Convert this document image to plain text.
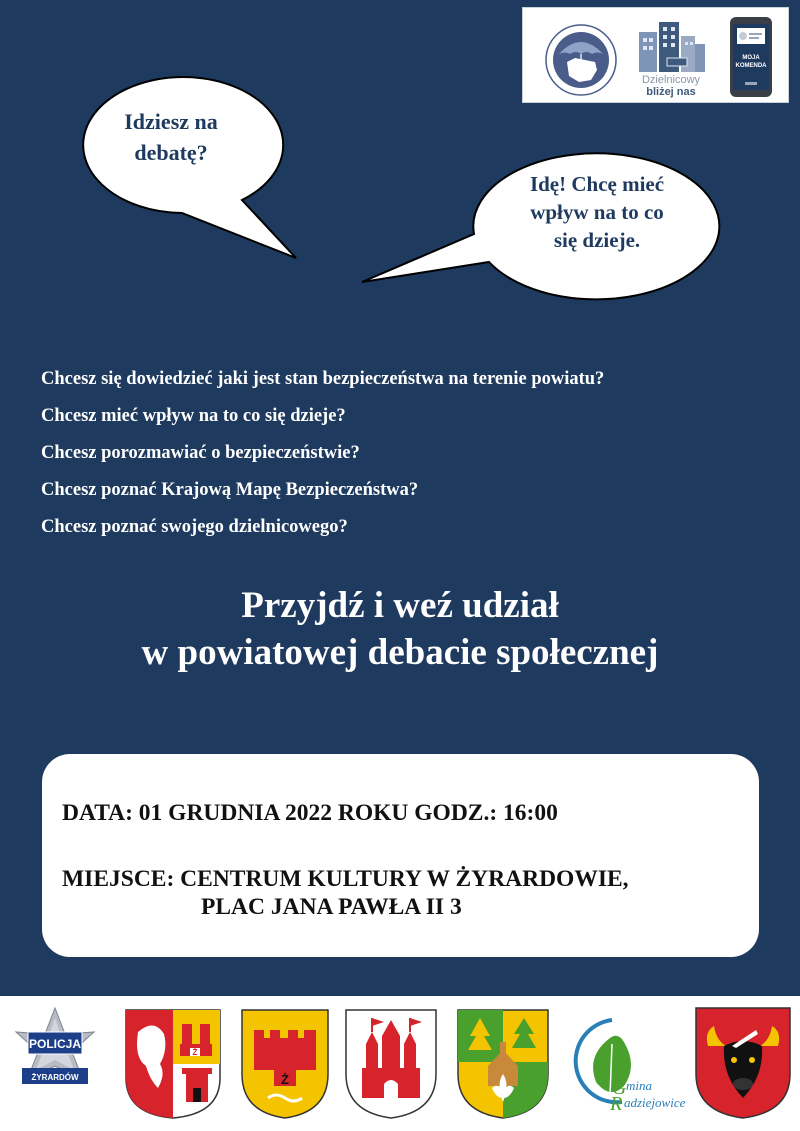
Dzielnicowy
bliżej nas
MOJA
KOMENDA
Idziesz na
debatę?
Idę! Chcę mieć
wpływ na to co
się dzieje.
Chcesz się dowiedzieć jaki jest stan bezpieczeństwa na terenie powiatu?
Chcesz mieć wpływ na to co się dzieje?
Chcesz porozmawiać o bezpieczeństwie?
Chcesz poznać Krajową Mapę Bezpieczeństwa?
Chcesz poznać swojego dzielnicowego?
Przyjdź i weź udział
w powiatowej debacie społecznej
DATA: 01 GRUDNIA 2022 ROKU GODZ.: 16:00
MIEJSCE: CENTRUM KULTURY W ŻYRARDOWIE,
PLAC JANA PAWŁA II 3
POLICJA
ŻYRARDÓW
Ż
Ż	G mina
R adziejowice
